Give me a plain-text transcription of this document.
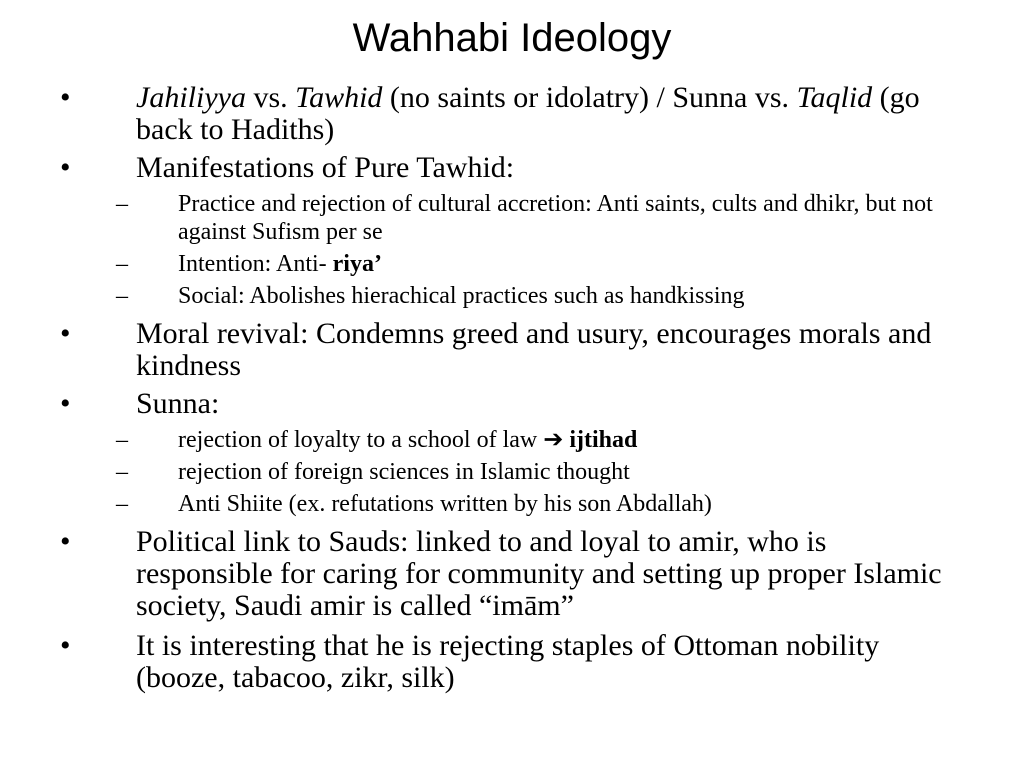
Wahhabi Ideology
•	Jahiliyya vs. Tawhid (no saints or idolatry) / Sunna vs. Taqlid (go back to Hadiths)
•	Manifestations of Pure Tawhid:
–	Practice and rejection of cultural accretion: Anti saints, cults and dhikr, but not against Sufism per se
–	Intention: Anti- riya’
–	Social: Abolishes hierachical practices such as handkissing
•	Moral revival: Condemns greed and usury, encourages morals and kindness
•	Sunna:
–	rejection of loyalty to a school of law ➔ ijtihad
–	rejection of foreign sciences in Islamic thought
–	Anti Shiite (ex. refutations written by his son Abdallah)
•	Political link to Sauds: linked to and loyal to amir, who is responsible for caring for community and setting up proper Islamic society, Saudi amir is called “imām”
•	It is interesting that he is rejecting staples of Ottoman nobility (booze, tabacoo, zikr, silk)
